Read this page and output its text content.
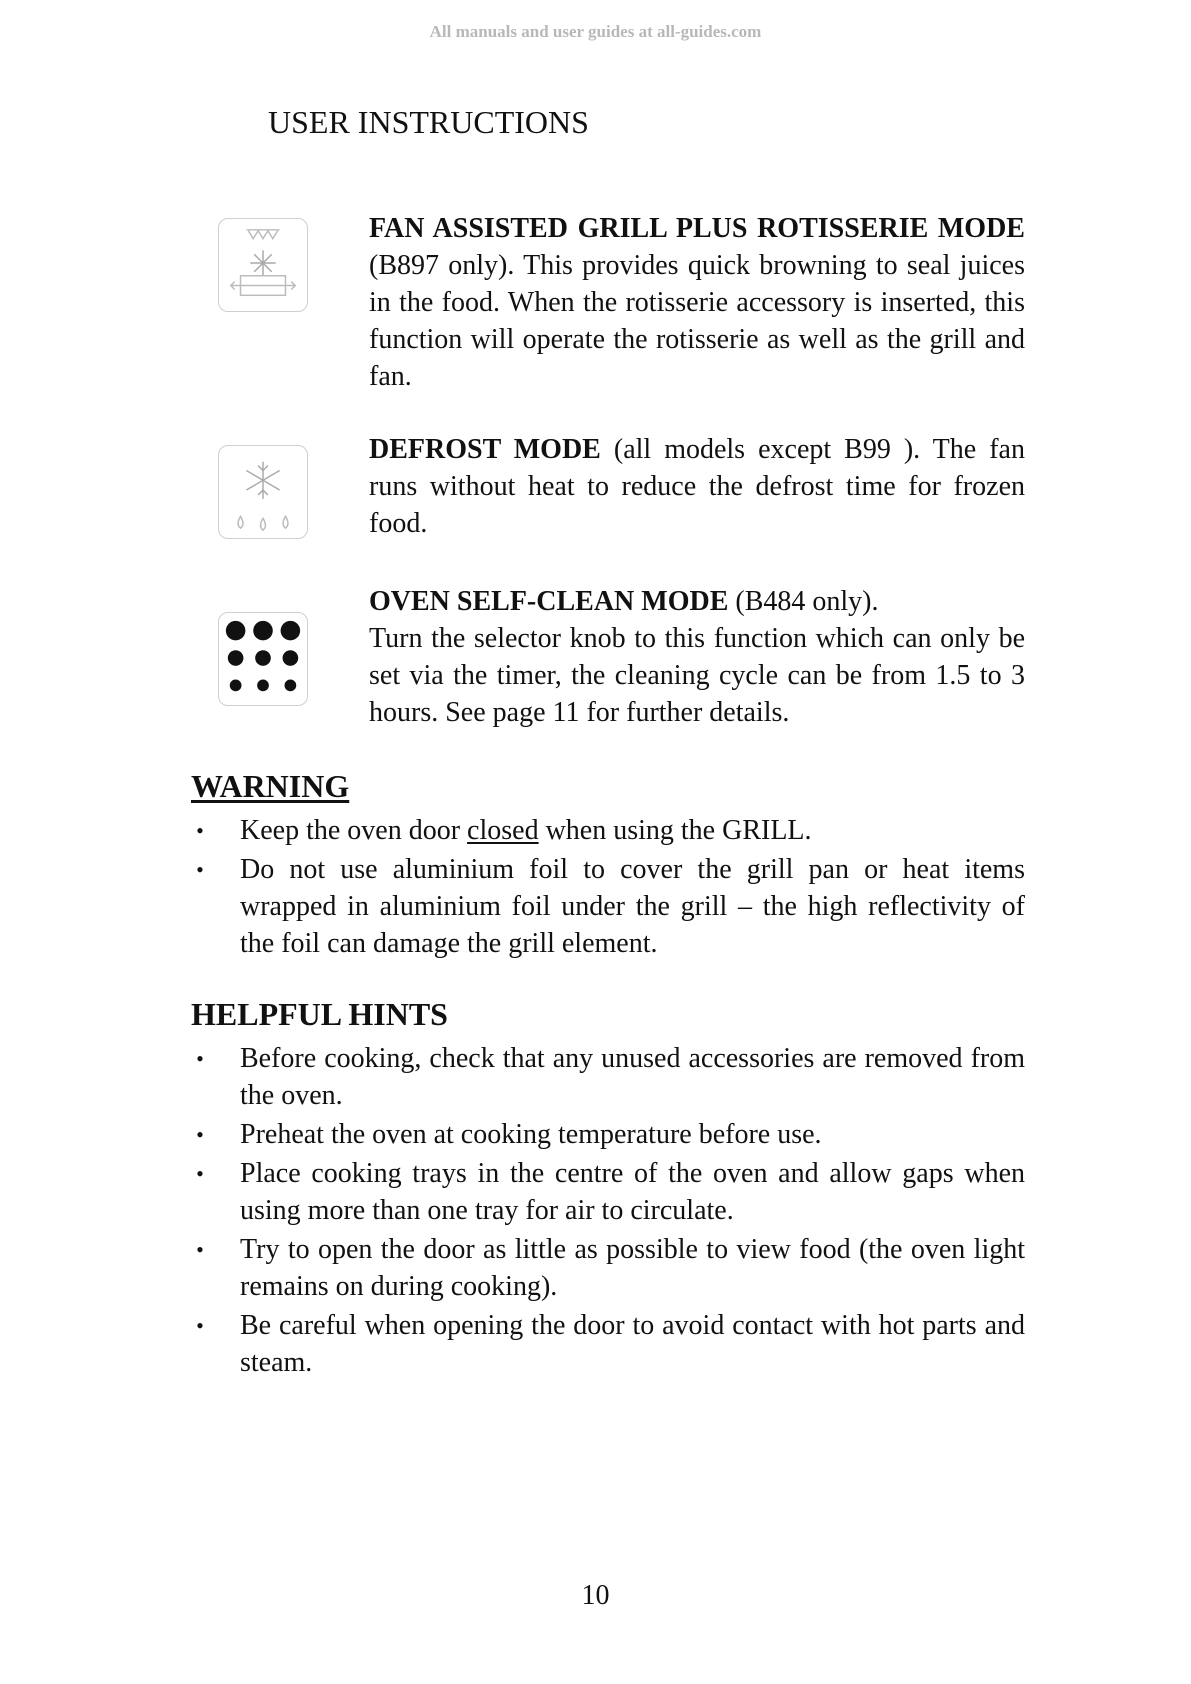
All manuals and user guides at all-guides.com
USER INSTRUCTIONS
FAN ASSISTED GRILL PLUS ROTISSERIE MODE (B897 only). This provides quick browning to seal juices in the food. When the rotisserie accessory is inserted, this function will operate the rotisserie as well as the grill and fan.
DEFROST MODE (all models except B99 ). The fan runs without heat to reduce the defrost time for frozen food.
OVEN SELF-CLEAN MODE (B484 only).
Turn the selector knob to this function which can only be set via the timer, the cleaning cycle can be from 1.5 to 3 hours. See page 11 for further details.
WARNING
• Keep the oven door closed when using the GRILL.
• Do not use aluminium foil to cover the grill pan or heat items wrapped in aluminium foil under the grill – the high reflectivity of the foil can damage the grill element.
HELPFUL HINTS
• Before cooking, check that any unused accessories are removed from the oven.
• Preheat the oven at cooking temperature before use.
• Place cooking trays in the centre of the oven and allow gaps when using more than one tray for air to circulate.
• Try to open the door as little as possible to view food (the oven light remains on during cooking).
• Be careful when opening the door to avoid contact with hot parts and steam.
10
